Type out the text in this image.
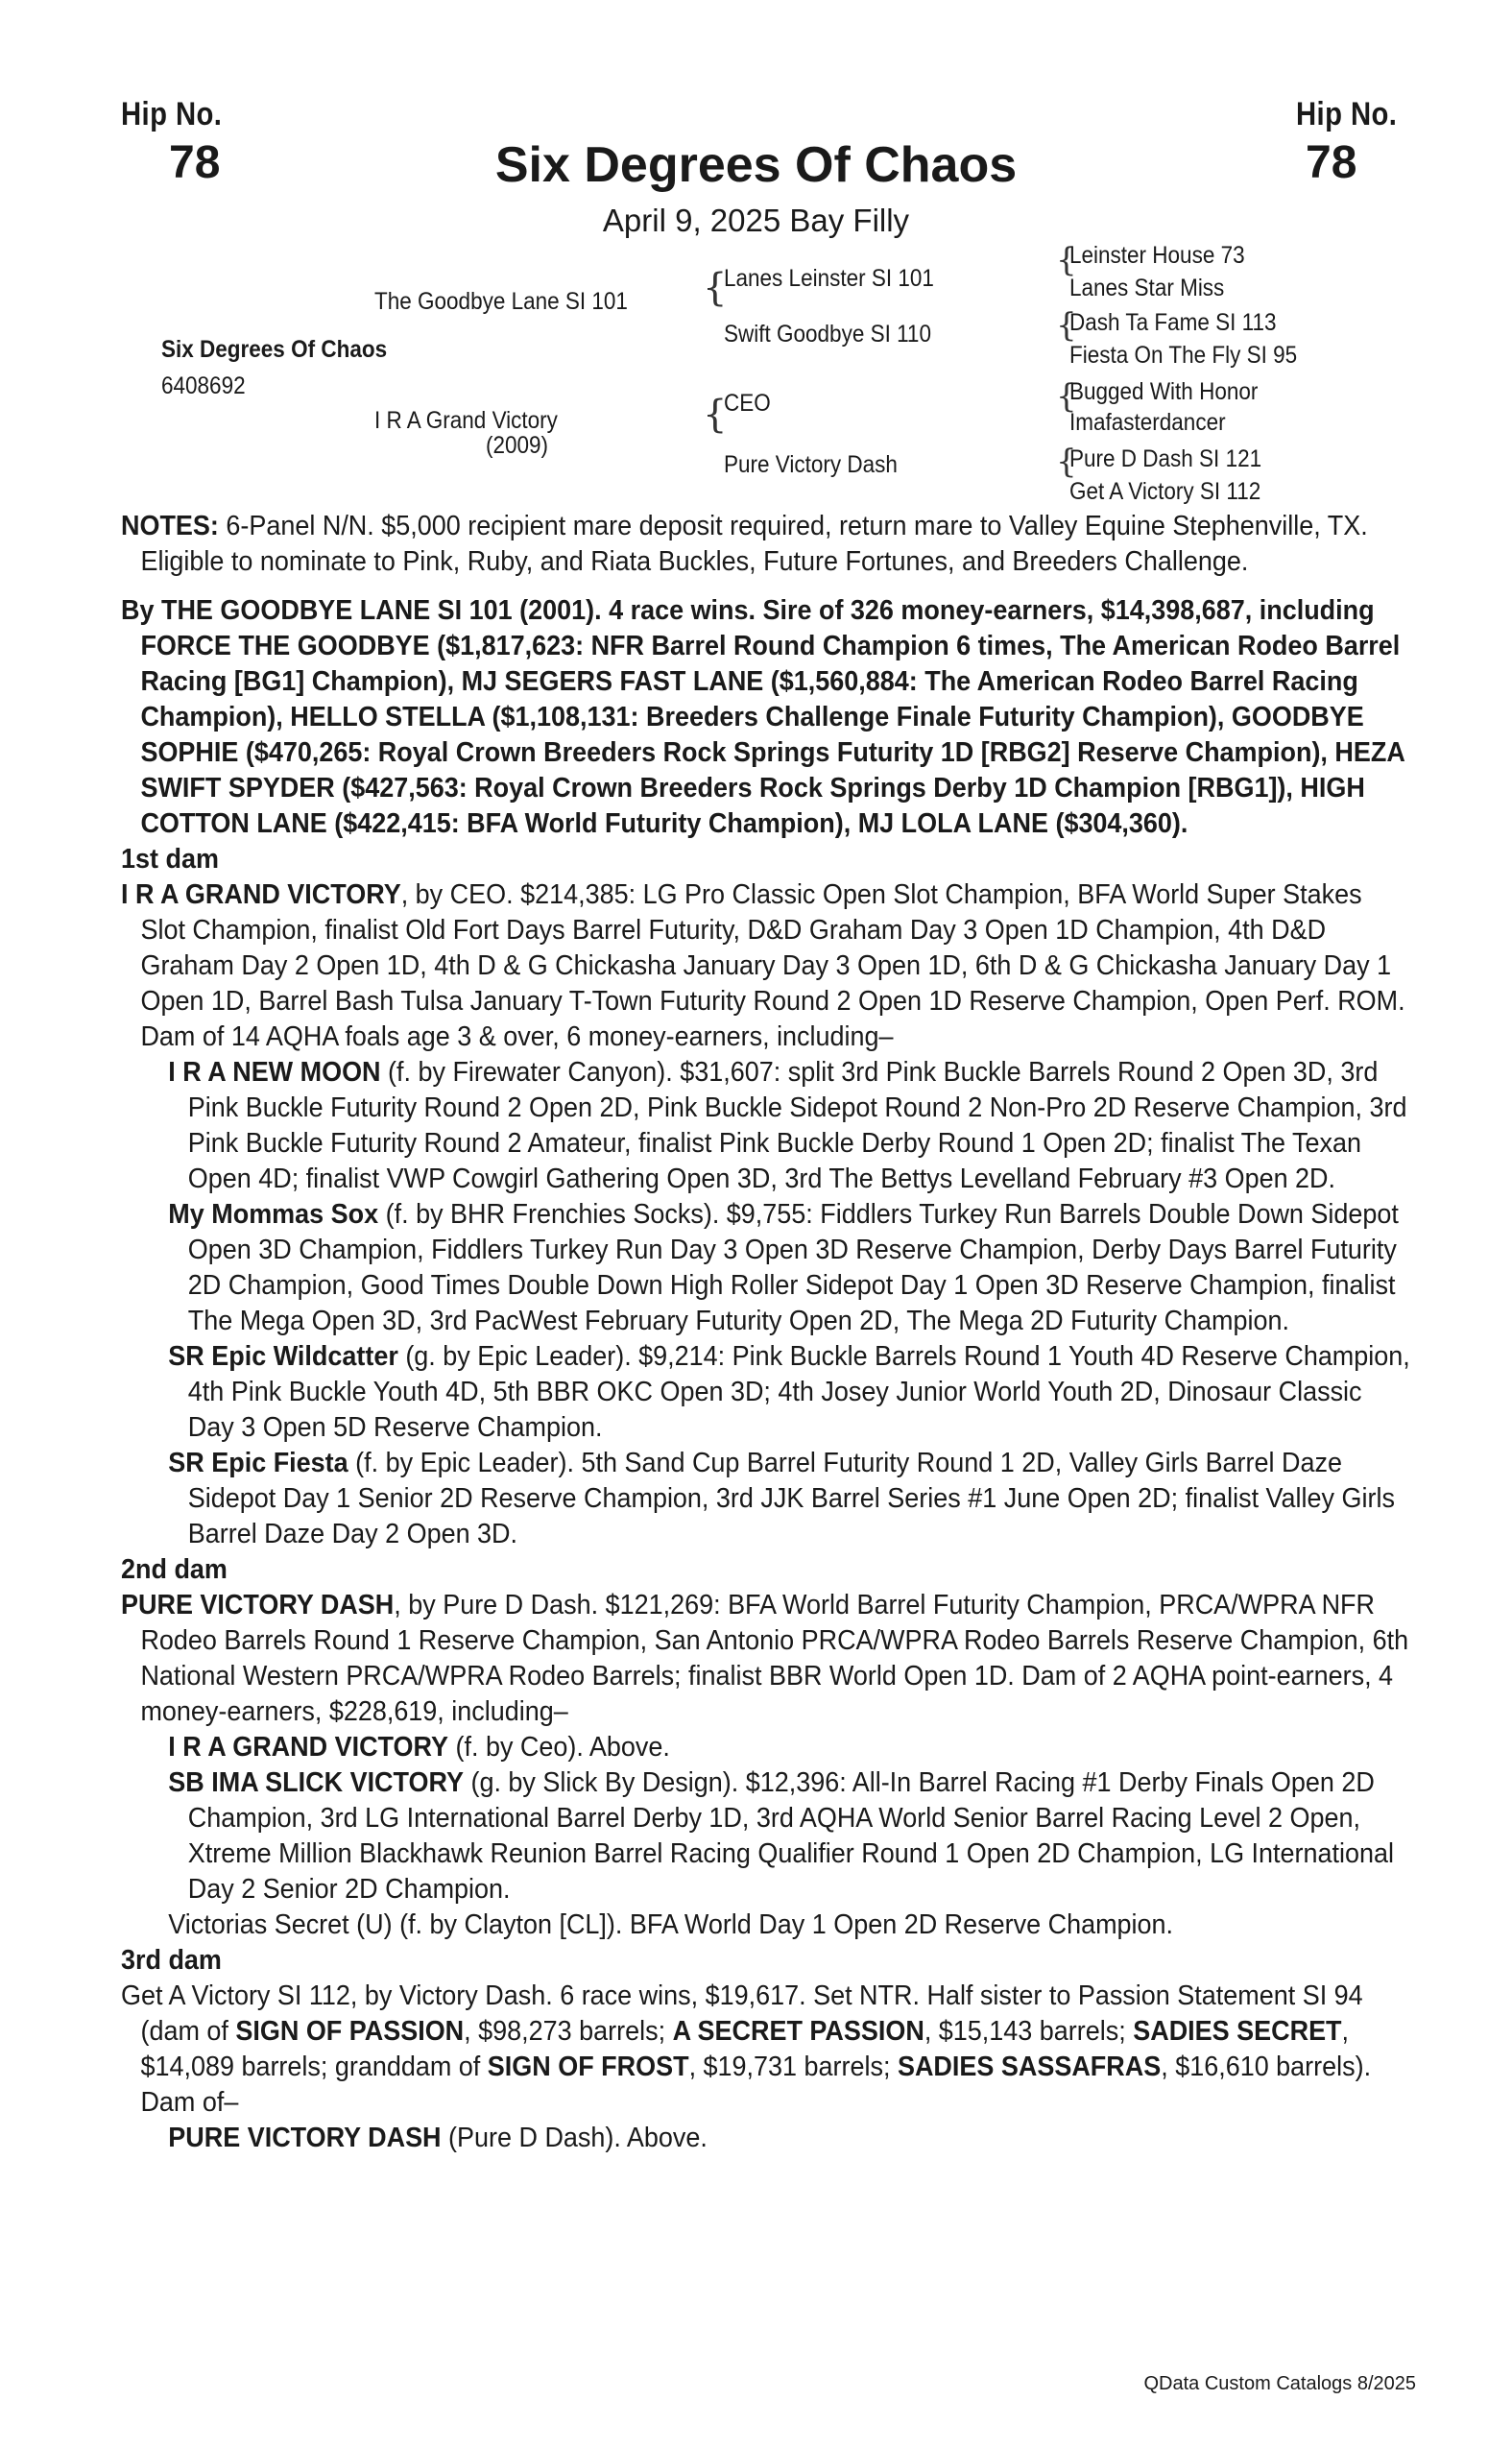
Hip No.
78
Hip No.
78
Six Degrees Of Chaos
April 9, 2025 Bay Filly
The Goodbye Lane SI 101
Six Degrees Of Chaos
6408692
I R A Grand Victory
(2009)
{
Lanes Leinster SI 101
Swift Goodbye SI 110
{
CEO
Pure Victory Dash
{
Leinster House 73
Lanes Star Miss
{
Dash Ta Fame SI 113
Fiesta On The Fly SI 95
{
Bugged With Honor
Imafasterdancer
{
Pure D Dash SI 121
Get A Victory SI 112

NOTES: 6-Panel N/N. $5,000 recipient mare deposit required, return mare to Valley Equine Stephenville, TX. Eligible to nominate to Pink, Ruby, and Riata Buckles, Future Fortunes, and Breeders Challenge.

By THE GOODBYE LANE SI 101 (2001). 4 race wins. Sire of 326 money-earners, $14,398,687, including FORCE THE GOODBYE ($1,817,623: NFR Barrel Round Champion 6 times, The American Rodeo Barrel Racing [BG1] Champion), MJ SEGERS FAST LANE ($1,560,884: The American Rodeo Barrel Racing Champion), HELLO STELLA ($1,108,131: Breeders Challenge Finale Futurity Champion), GOODBYE SOPHIE ($470,265: Royal Crown Breeders Rock Springs Futurity 1D [RBG2] Reserve Champion), HEZA SWIFT SPYDER ($427,563: Royal Crown Breeders Rock Springs Derby 1D Champion [RBG1]), HIGH COTTON LANE ($422,415: BFA World Futurity Champion), MJ LOLA LANE ($304,360).

1st dam

I R A GRAND VICTORY, by CEO. $214,385: LG Pro Classic Open Slot Champion, BFA World Super Stakes Slot Champion, finalist Old Fort Days Barrel Futurity, D&D Graham Day 3 Open 1D Champion, 4th D&D Graham Day 2 Open 1D, 4th D & G Chickasha January Day 3 Open 1D, 6th D & G Chickasha January Day 1 Open 1D, Barrel Bash Tulsa January T-Town Futurity Round 2 Open 1D Reserve Champion, Open Perf. ROM. Dam of 14 AQHA foals age 3 & over, 6 money-earners, including–

I R A NEW MOON (f. by Firewater Canyon). $31,607: split 3rd Pink Buckle Barrels Round 2 Open 3D, 3rd Pink Buckle Futurity Round 2 Open 2D, Pink Buckle Sidepot Round 2 Non-Pro 2D Reserve Champion, 3rd Pink Buckle Futurity Round 2 Amateur, finalist Pink Buckle Derby Round 1 Open 2D; finalist The Texan Open 4D; finalist VWP Cowgirl Gathering Open 3D, 3rd The Bettys Levelland February #3 Open 2D.

My Mommas Sox (f. by BHR Frenchies Socks). $9,755: Fiddlers Turkey Run Barrels Double Down Sidepot Open 3D Champion, Fiddlers Turkey Run Day 3 Open 3D Reserve Champion, Derby Days Barrel Futurity 2D Champion, Good Times Double Down High Roller Sidepot Day 1 Open 3D Reserve Champion, finalist The Mega Open 3D, 3rd PacWest February Futurity Open 2D, The Mega 2D Futurity Champion.

SR Epic Wildcatter (g. by Epic Leader). $9,214: Pink Buckle Barrels Round 1 Youth 4D Reserve Champion, 4th Pink Buckle Youth 4D, 5th BBR OKC Open 3D; 4th Josey Junior World Youth 2D, Dinosaur Classic Day 3 Open 5D Reserve Champion.

SR Epic Fiesta (f. by Epic Leader). 5th Sand Cup Barrel Futurity Round 1 2D, Valley Girls Barrel Daze Sidepot Day 1 Senior 2D Reserve Champion, 3rd JJK Barrel Series #1 June Open 2D; finalist Valley Girls Barrel Daze Day 2 Open 3D.

2nd dam

PURE VICTORY DASH, by Pure D Dash. $121,269: BFA World Barrel Futurity Champion, PRCA/WPRA NFR Rodeo Barrels Round 1 Reserve Champion, San Antonio PRCA/WPRA Rodeo Barrels Reserve Champion, 6th National Western PRCA/WPRA Rodeo Barrels; finalist BBR World Open 1D. Dam of 2 AQHA point-earners, 4 money-earners, $228,619, including–

I R A GRAND VICTORY (f. by Ceo). Above.

SB IMA SLICK VICTORY (g. by Slick By Design). $12,396: All-In Barrel Racing #1 Derby Finals Open 2D Champion, 3rd LG International Barrel Derby 1D, 3rd AQHA World Senior Barrel Racing Level 2 Open, Xtreme Million Blackhawk Reunion Barrel Racing Qualifier Round 1 Open 2D Champion, LG International Day 2 Senior 2D Champion.

Victorias Secret (U) (f. by Clayton [CL]). BFA World Day 1 Open 2D Reserve Champion.

3rd dam

Get A Victory SI 112, by Victory Dash. 6 race wins, $19,617. Set NTR. Half sister to Passion Statement SI 94 (dam of SIGN OF PASSION, $98,273 barrels; A SECRET PASSION, $15,143 barrels; SADIES SECRET, $14,089 barrels; granddam of SIGN OF FROST, $19,731 barrels; SADIES SASSAFRAS, $16,610 barrels). Dam of–

PURE VICTORY DASH (Pure D Dash). Above.

QData Custom Catalogs 8/2025
